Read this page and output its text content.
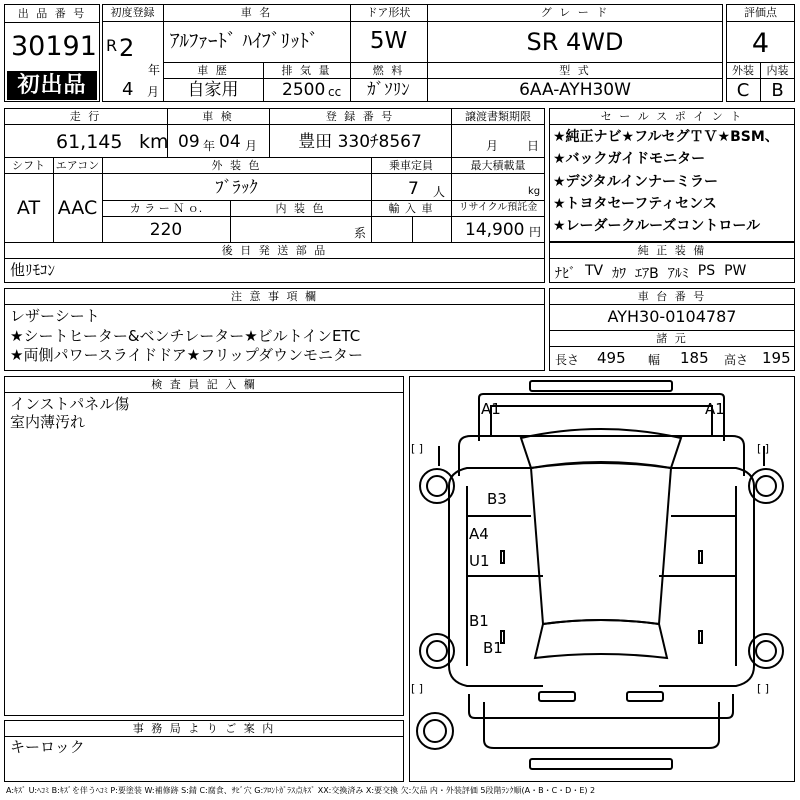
出 品 番 号
30191
初出品
初度登録
R 2
年
4 月
車 名
ｱﾙﾌｧｰﾄﾞ ﾊｲﾌﾞﾘｯﾄﾞ
ドア形状
5W
グ レ ー ド
SR 4WD
車 歴
自家用
排 気 量
2500 cc
燃 料
ｶﾞｿﾘﾝ
型 式
6AA-AYH30W
評価点
4
外装	内装
C	B
走 行
61,145 km
車 検
09 年 04 月
登 録 番 号
豊田 330ﾁ8567
譲渡書類期限
月 日
シフト
AT
エアコン
AAC
外 装 色
ﾌﾞﾗｯｸ
乗車定員
7 人
最大積載量
kg
カ ラ ー Ｎ ｏ.
220
内 装 色
系
輸 入 車	リサイクル預託金
14,900 円
後 日 発 送 部 品
他ﾘﾓｺﾝ
セ ー ル ス ポ イ ン ト
★純正ナビ★フルセグＴＶ★BSM、
★バックガイドモニター
★デジタルインナーミラー
★トヨタセーフティセンス
★レーダークルーズコントロール
純 正 装 備
ﾅﾋﾞ TV ｶﾜ ｴｱB ｱﾙﾐ PS PW
注 意 事 項 欄
レザーシート
★シートヒーター&ベンチレーター★ビルトインETC
★両側パワースライドドア★フリップダウンモニター
車 台 番 号
AYH30-0104787
諸 元
長さ 495 幅 185 高さ 195
検 査 員 記 入 欄
インストパネル傷
室内薄汚れ
事 務 局 よ り ご 案 内
キーロック
A1	A1
B3
A4
U1
B1
B1
[ ]	[ ]
[ ]	[ ]
A:ｷｽﾞ U:ﾍｺﾐ B:ｷｽﾞを伴うﾍｺﾐ P:要塗装 W:補修跡 S:錆 C:腐食、ｻﾋﾞ穴 G:ﾌﾛﾝﾄｶﾞﾗｽ点ｷｽﾞ XX:交換済み X:要交換 欠:欠品 内・外装評価 5段階ﾗﾝｸ順(A・B・C・D・E) 2
